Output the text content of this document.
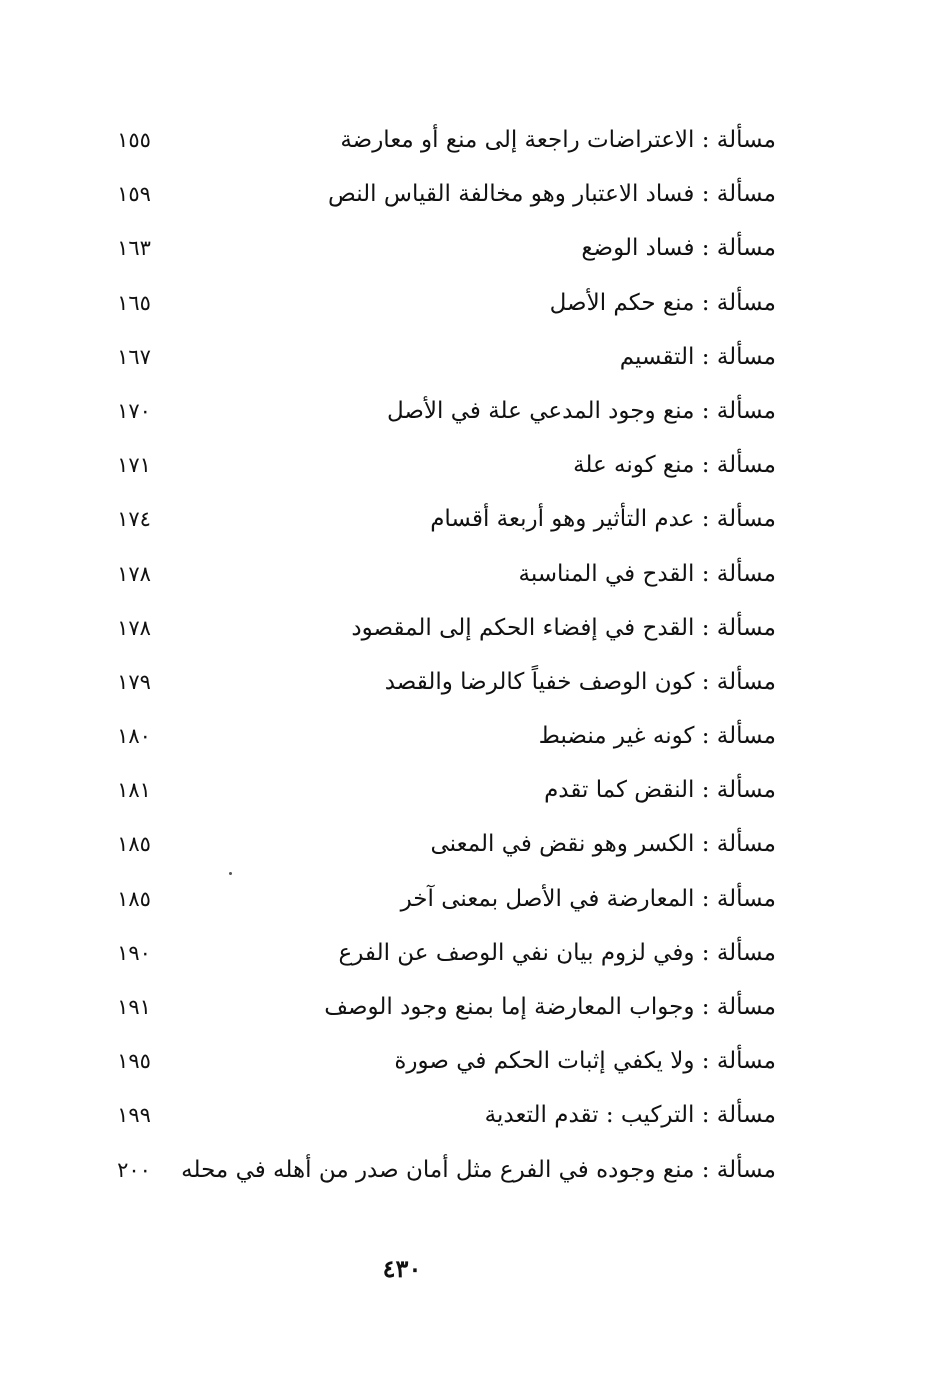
مسألة : الاعتراضات راجعة إلى منع أو معارضة
١٥٥
مسألة : فساد الاعتبار وهو مخالفة القياس النص
١٥٩
مسألة : فساد الوضع
١٦٣
مسألة : منع حكم الأصل
١٦٥
مسألة : التقسيم
١٦٧
مسألة : منع وجود المدعي علة في الأصل
١٧٠
مسألة : منع كونه علة
١٧١
مسألة : عدم التأثير وهو أربعة أقسام
١٧٤
مسألة : القدح في المناسبة
١٧٨
مسألة : القدح في إفضاء الحكم إلى المقصود
١٧٨
مسألة : كون الوصف خفياً كالرضا والقصد
١٧٩
مسألة : كونه غير منضبط
١٨٠
مسألة : النقض كما تقدم
١٨١
مسألة : الكسر وهو نقض في المعنى
١٨٥
مسألة : المعارضة في الأصل بمعنى آخر
١٨٥
مسألة : وفي لزوم بيان نفي الوصف عن الفرع
١٩٠
مسألة : وجواب المعارضة إما بمنع وجود الوصف
١٩١
مسألة : ولا يكفي إثبات الحكم في صورة
١٩٥
مسألة : التركيب : تقدم التعدية
١٩٩
مسألة : منع وجوده في الفرع مثل أمان صدر من أهله في محله
٢٠٠
٤٣٠
